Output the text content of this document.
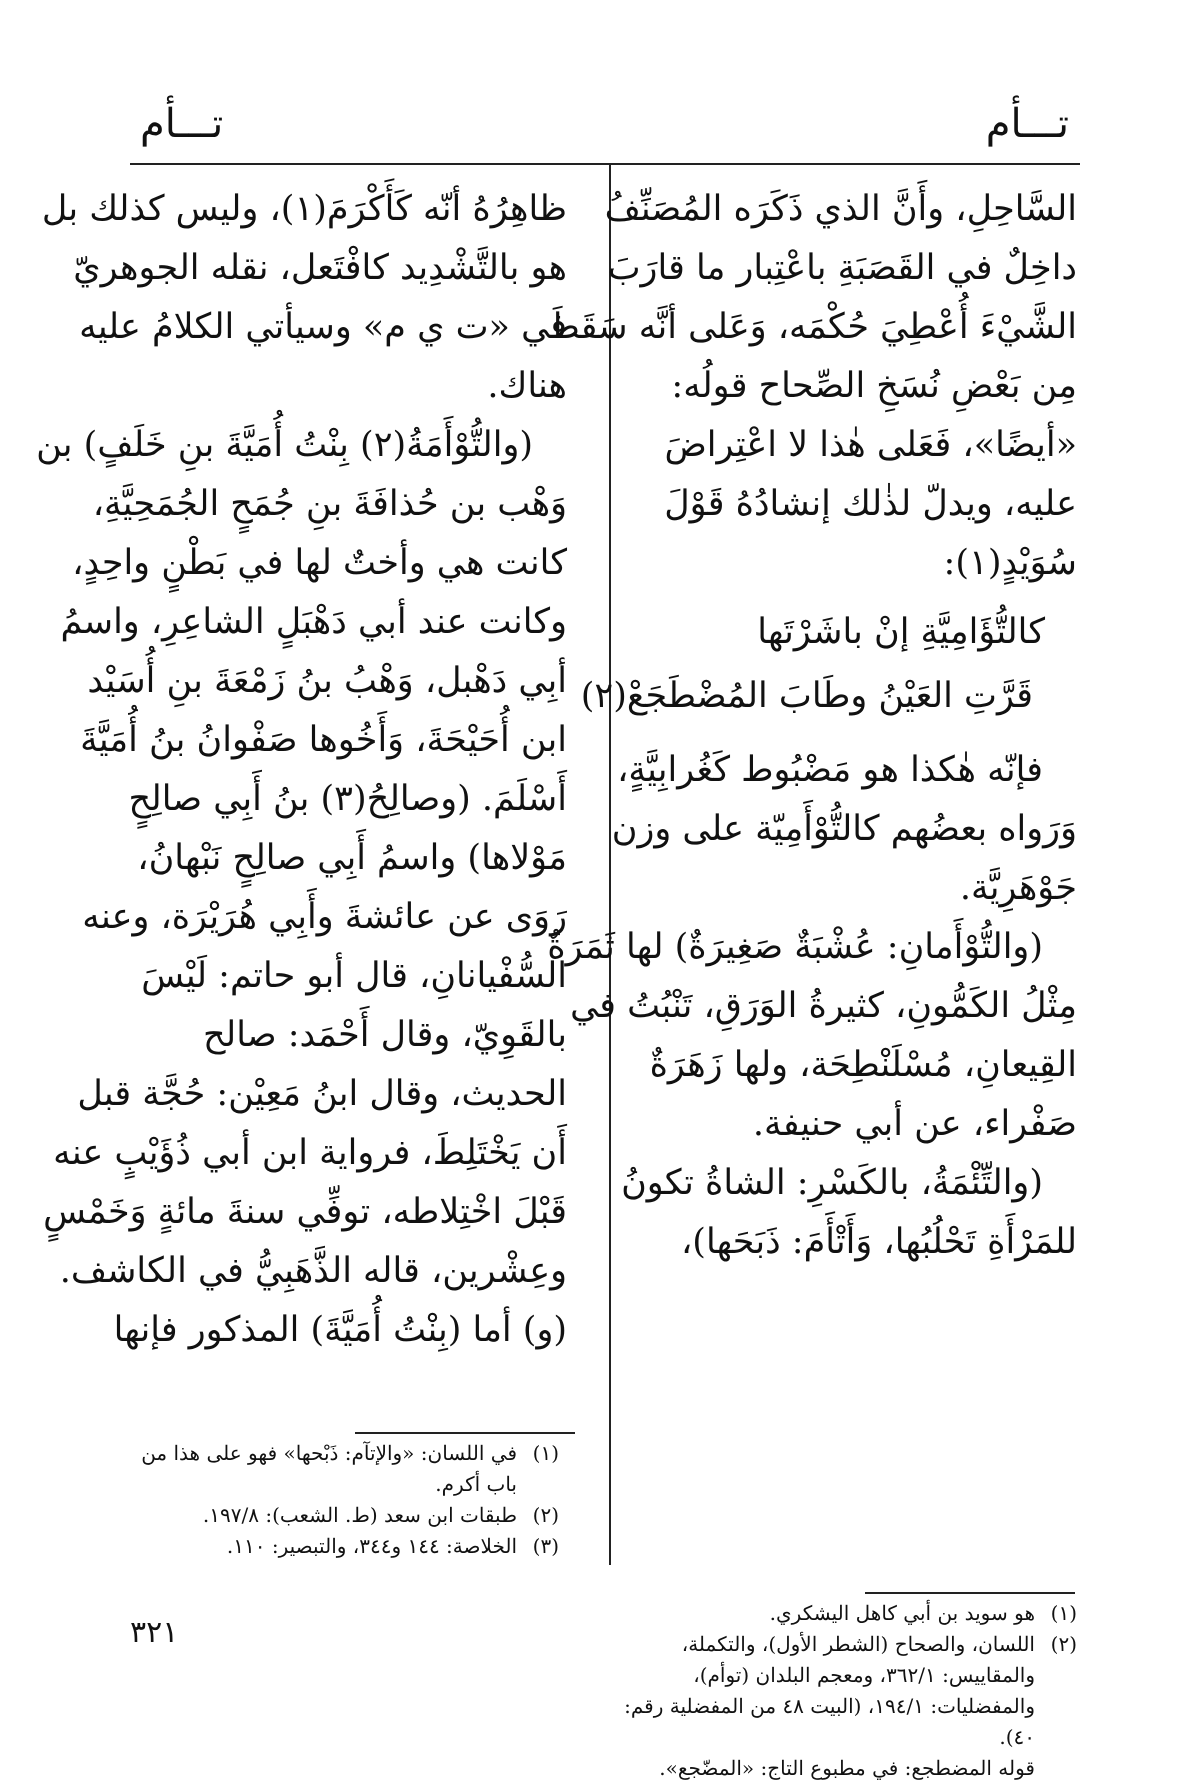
تـــأم
تـــأم
السَّاحِلِ، وأَنَّ الذي ذَكَرَه المُصَنِّفُ
داخِلٌ في القَصَبَةِ باعْتِبار ما قارَبَ
الشَّيْءَ أُعْطِيَ حُكْمَه، وَعَلى أنَّه سَقَطَ
مِن بَعْضِ نُسَخِ الصِّحاح قولُه:
«أيضًا»، فَعَلى هٰذا لا اعْتِراضَ
عليه، ويدلّ لذٰلك إنشادُهُ قَوْلَ
سُوَيْدٍ(١):
كالتُّؤَامِيَّةِ إنْ باشَرْتَها
قَرَّتِ العَيْنُ وطَابَ المُضْطَجَعْ(٢)
فإنّه هٰكذا هو مَضْبُوط كَغُرابِيَّةٍ،
وَرَواه بعضُهم كالتُّوْأَمِيّة على وزن
جَوْهَرِيَّة.
(والتُّوْأَمانِ: عُشْبَةٌ صَغِيرَةٌ) لها ثَمَرَةٌ
مِثْلُ الكَمُّونِ، كثيرةُ الوَرَقِ، تَنْبُتُ في
القِيعانِ، مُسْلَنْطِحَة، ولها زَهَرَةٌ
صَفْراء، عن أبي حنيفة.
(والتِّئْمَةُ، بالكَسْرِ: الشاةُ تكونُ
للمَرْأَةِ تَحْلُبُها، وَأَتْأَمَ: ذَبَحَها)،
ظاهِرُهُ أنّه كَأَكْرَمَ(١)، وليس كذلك بل
هو بالتَّشْدِيد كافْتَعل، نقله الجوهريّ
في «ت ي م» وسيأتي الكلامُ عليه
هناك.
(والتُّوْأَمَةُ(٢) بِنْتُ أُمَيَّةَ بنِ خَلَفٍ) بن
وَهْب بن حُذافَةَ بنِ جُمَحٍ الجُمَحِيَّةِ،
كانت هي وأختٌ لها في بَطْنٍ واحِدٍ،
وكانت عند أبي دَهْبَلٍ الشاعِرِ، واسمُ
أبِي دَهْبل، وَهْبُ بنُ زَمْعَةَ بنِ أُسَيْد
ابن أُحَيْحَةَ، وَأَخُوها صَفْوانُ بنُ أُمَيَّةَ
أَسْلَمَ. (وصالِحُ(٣) بنُ أَبِي صالِحٍ
مَوْلاها) واسمُ أَبِي صالِحٍ نَبْهانُ،
رَوَى عن عائشةَ وأَبِي هُرَيْرَة، وعنه
السُّفْيانانِ، قال أبو حاتم: لَيْسَ
بالقَوِيّ، وقال أَحْمَد: صالح
الحديث، وقال ابنُ مَعِيْن: حُجَّة قبل
أَن يَخْتَلِطَ، فرواية ابن أبي ذُؤَيْبٍ عنه
قَبْلَ اخْتِلاطه، توفِّي سنةَ مائةٍ وَخَمْسٍ
وعِشْرين، قاله الذَّهَبِيُّ في الكاشف.
(و) أما (بِنْتُ أُمَيَّةَ) المذكور فإنها
(١)
في اللسان: «والإتآم: ذَبْحها» فهو على هذا من باب أكرم.
(٢)
طبقات ابن سعد (ط. الشعب): ١٩٧/٨.
(٣)
الخلاصة: ١٤٤ و٣٤٤، والتبصير: ١١٠.
(١)
هو سويد بن أبي كاهل اليشكري.
(٢)
اللسان، والصحاح (الشطر الأول)، والتكملة، والمقاييس: ٣٦٢/١، ومعجم البلدان (توأم)، والمفضليات: ١٩٤/١، (البيت ٤٨ من المفضلية رقم: ٤٠).
قوله المضطجع: في مطبوع التاج: «المضّجع».
٣٢١
